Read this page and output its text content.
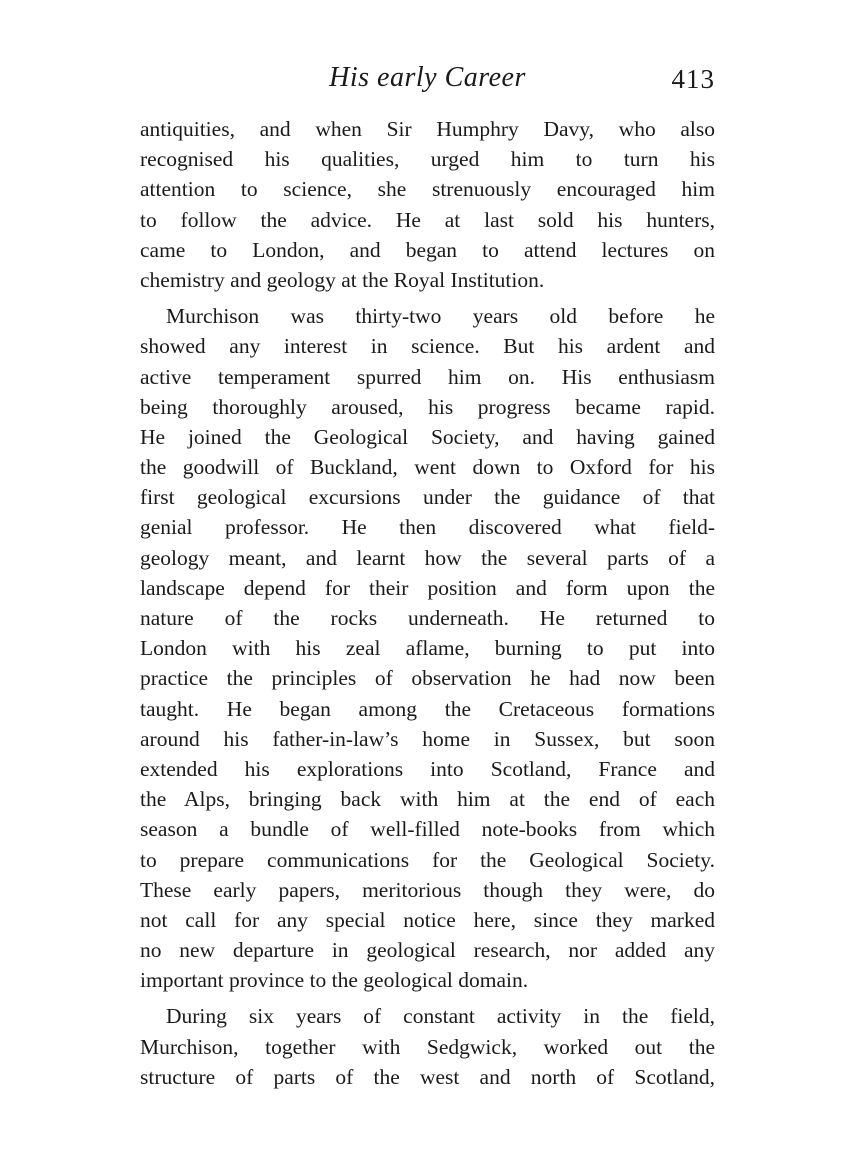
His early Career	413
antiquities, and when Sir Humphry Davy, who also
recognised his qualities, urged him to turn his
attention to science, she strenuously encouraged him
to follow the advice. He at last sold his hunters,
came to London, and began to attend lectures on
chemistry and geology at the Royal Institution.
Murchison was thirty-two years old before he
showed any interest in science. But his ardent and
active temperament spurred him on. His enthusiasm
being thoroughly aroused, his progress became rapid.
He joined the Geological Society, and having gained
the goodwill of Buckland, went down to Oxford for his
first geological excursions under the guidance of that
genial professor. He then discovered what field-
geology meant, and learnt how the several parts of a
landscape depend for their position and form upon the
nature of the rocks underneath. He returned to
London with his zeal aflame, burning to put into
practice the principles of observation he had now been
taught. He began among the Cretaceous formations
around his father-in-law’s home in Sussex, but soon
extended his explorations into Scotland, France and
the Alps, bringing back with him at the end of each
season a bundle of well-filled note-books from which
to prepare communications for the Geological Society.
These early papers, meritorious though they were, do
not call for any special notice here, since they marked
no new departure in geological research, nor added any
important province to the geological domain.
During six years of constant activity in the field,
Murchison, together with Sedgwick, worked out the
structure of parts of the west and north of Scotland,
